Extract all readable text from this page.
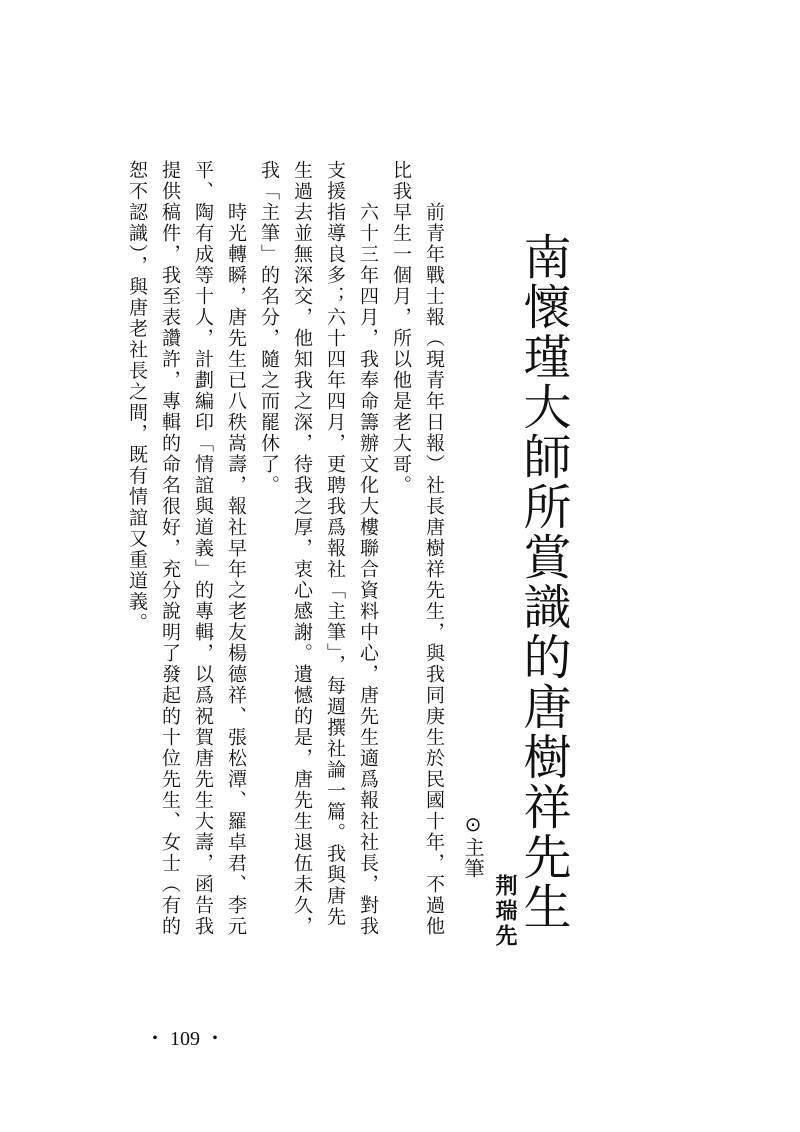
南懷瑾大師所賞識的唐樹祥先生
⊙主筆
荆瑞先
　　前青年戰士報（現青年日報）社長唐樹祥先生，與我同庚生於民國十年，不過他
比我早生一個月，所以他是老大哥。
　　六十三年四月，我奉命籌辦文化大樓聯合資料中心，唐先生適爲報社社長，對我
支援指導良多；六十四年四月，更聘我爲報社「主筆」，每週撰社論一篇。我與唐先
生過去並無深交，他知我之深，待我之厚，衷心感謝。遺憾的是，唐先生退伍未久，
我「主筆」的名分，隨之而罷休了。
　　時光轉瞬，唐先生已八秩嵩壽，報社早年之老友楊德祥、張松潭、羅卓君、李元
平、陶有成等十人，計劃編印「情誼與道義」的專輯，以爲祝賀唐先生大壽，函告我
提供稿件，我至表讚許，專輯的命名很好，充分說明了發起的十位先生、女士（有的
恕不認識），與唐老社長之間，既有情誼又重道義。
・ 109 ・
